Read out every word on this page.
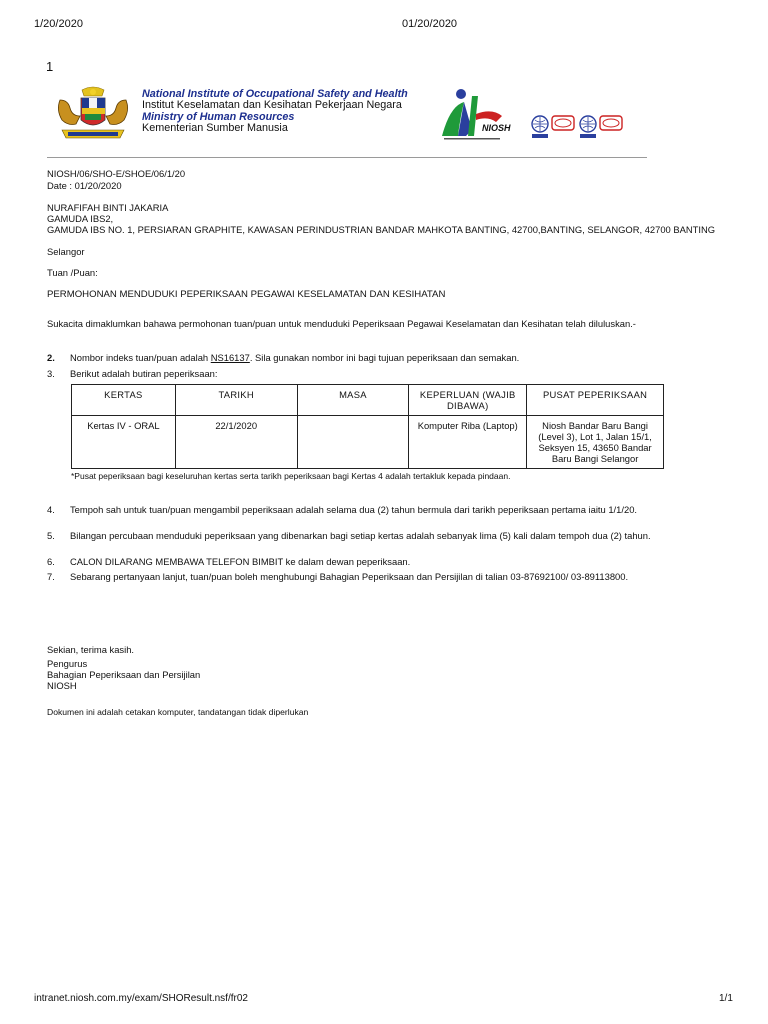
1/20/2020	01/20/2020
1
National Institute of Occupational Safety and Health
Institut Keselamatan dan Kesihatan Pekerjaan Negara
Ministry of Human Resources
Kementerian Sumber Manusia	NIOSH
NIOSH/06/SHO-E/SHOE/06/1/20
Date : 01/20/2020
NURAFIFAH BINTI JAKARIA
GAMUDA IBS2,
GAMUDA IBS NO. 1, PERSIARAN GRAPHITE, KAWASAN PERINDUSTRIAN BANDAR MAHKOTA BANTING, 42700,BANTING, SELANGOR, 42700 BANTING
Selangor
Tuan /Puan:
PERMOHONAN MENDUDUKI PEPERIKSAAN PEGAWAI KESELAMATAN DAN KESIHATAN
Sukacita dimaklumkan bahawa permohonan tuan/puan untuk menduduki Peperiksaan Pegawai Keselamatan dan Kesihatan telah diluluskan.-
2. Nombor indeks tuan/puan adalah NS16137. Sila gunakan nombor ini bagi tujuan peperiksaan dan semakan.
3. Berikut adalah butiran peperiksaan:
KERTAS	TARIKH	MASA	KEPERLUAN (WAJIB DIBAWA)	PUSAT PEPERIKSAAN
Kertas IV - ORAL	22/1/2020		Komputer Riba (Laptop)	Niosh Bandar Baru Bangi (Level 3), Lot 1, Jalan 15/1, Seksyen 15, 43650 Bandar Baru Bangi Selangor
*Pusat peperiksaan bagi keseluruhan kertas serta tarikh peperiksaan bagi Kertas 4 adalah tertakluk kepada pindaan.
4. Tempoh sah untuk tuan/puan mengambil peperiksaan adalah selama dua (2) tahun bermula dari tarikh peperiksaan pertama iaitu 1/1/20.
5. Bilangan percubaan menduduki peperiksaan yang dibenarkan bagi setiap kertas adalah sebanyak lima (5) kali dalam tempoh dua (2) tahun.
6. CALON DILARANG MEMBAWA TELEFON BIMBIT ke dalam dewan peperiksaan.
7. Sebarang pertanyaan lanjut, tuan/puan boleh menghubungi Bahagian Peperiksaan dan Persijilan di talian 03-87692100/ 03-89113800.
Sekian, terima kasih.
Pengurus
Bahagian Peperiksaan dan Persijilan
NIOSH
Dokumen ini adalah cetakan komputer, tandatangan tidak diperlukan
intranet.niosh.com.my/exam/SHOResult.nsf/fr02	1/1
